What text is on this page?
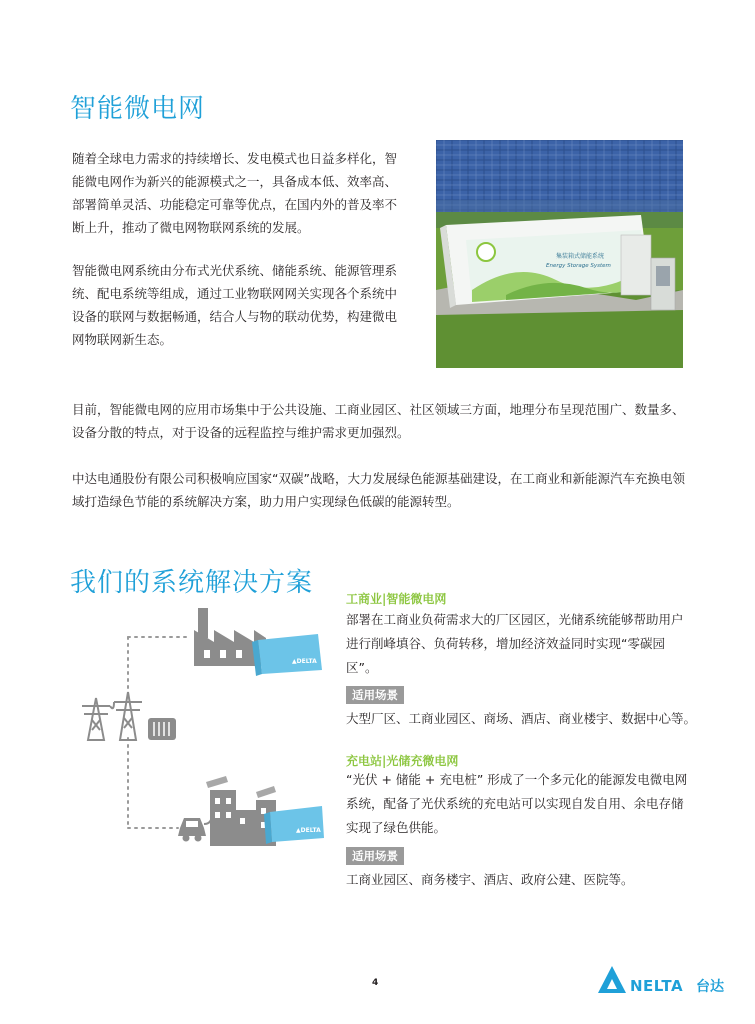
智能微电网

随着全球电力需求的持续增长、发电模式也日益多样化，智能微电网作为新兴的能源模式之一，具备成本低、效率高、部署简单灵活、功能稳定可靠等优点，在国内外的普及率不断上升，推动了微电网物联网系统的发展。

智能微电网系统由分布式光伏系统、储能系统、能源管理系统、配电系统等组成，通过工业物联网网关实现各个系统中设备的联网与数据畅通，结合人与物的联动优势，构建微电网物联网新生态。

集装箱式储能系统
Energy Storage System

目前，智能微电网的应用市场集中于公共设施、工商业园区、社区领域三方面，地理分布呈现范围广、数量多、设备分散的特点，对于设备的远程监控与维护需求更加强烈。

中达电通股份有限公司积极响应国家“双碳”战略，大力发展绿色能源基础建设，在工商业和新能源汽车充换电领域打造绿色节能的系统解决方案，助力用户实现绿色低碳的能源转型。

我们的系统解决方案
▲DELTA
▲DELTA

工商业|智能微电网

部署在工商业负荷需求大的厂区园区，光储系统能够帮助用户进行削峰填谷、负荷转移，增加经济效益同时实现“零碳园区”。

适用场景

大型厂区、工商业园区、商场、酒店、商业楼宇、数据中心等。

充电站|光储充微电网

“光伏 + 储能 + 充电桩” 形成了一个多元化的能源发电微电网系统，配备了光伏系统的充电站可以实现自发自用、余电存储实现了绿色供能。

适用场景

工商业园区、商务楼宇、酒店、政府公建、医院等。

4	NELTA 台达
